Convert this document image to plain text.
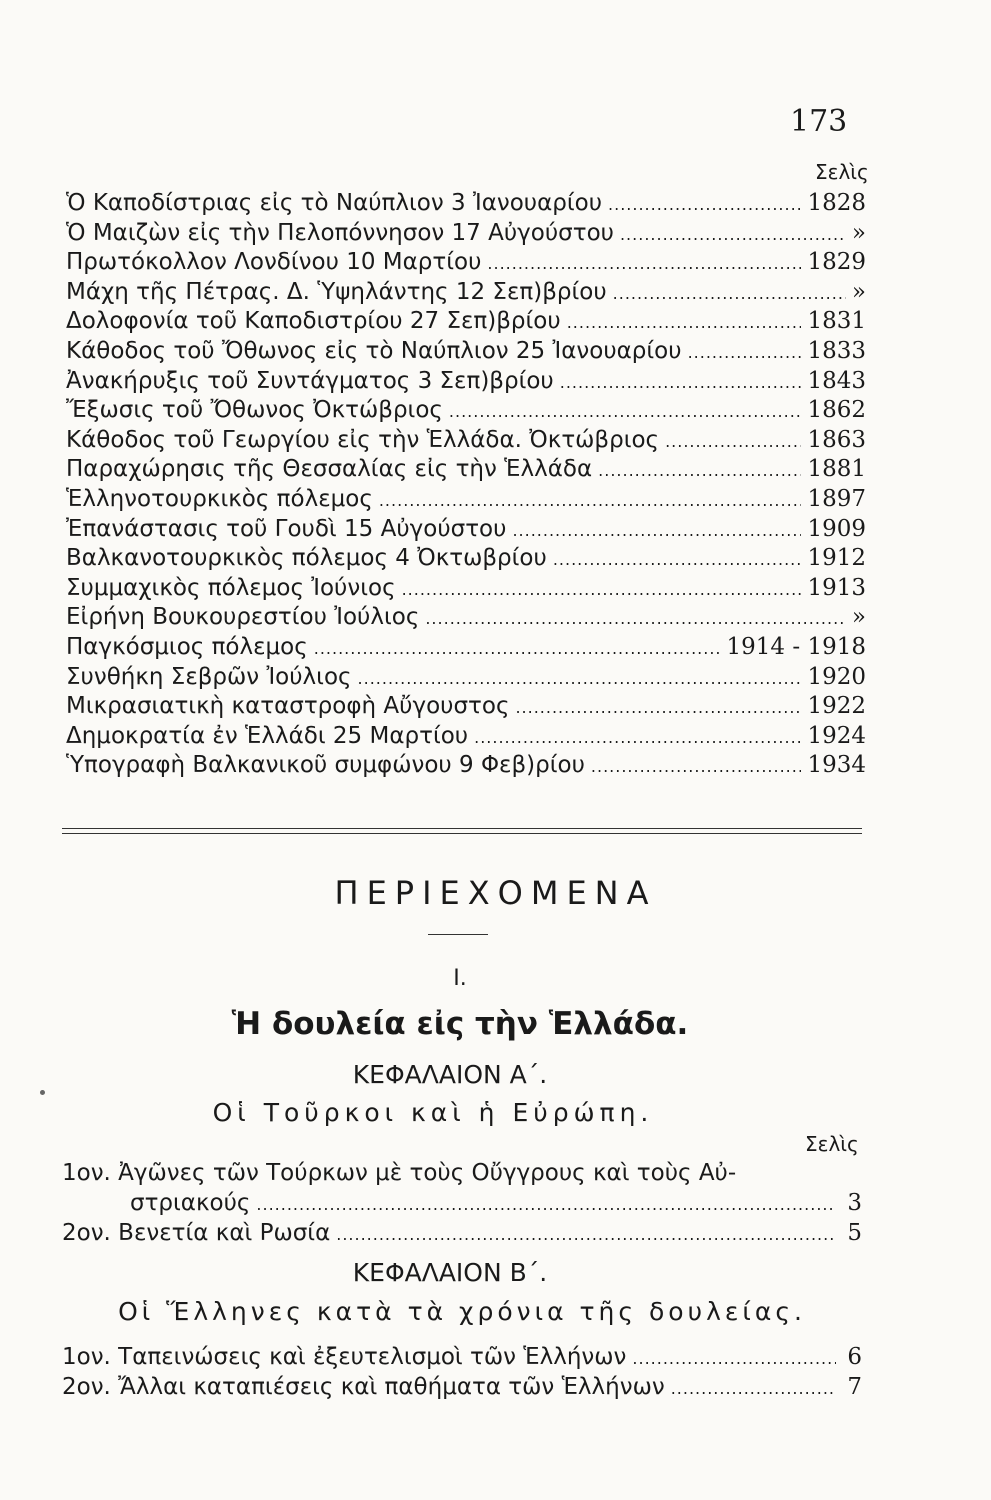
173
Σελὶς
Ὁ Καποδίστριας εἰς τὸ Ναύπλιον 3 Ἰανουαρίου .....	1828
Ὁ Μαιζὼν εἰς τὴν Πελοπόννησον 17 Αὐγούστου .....	»
Πρωτόκολλον Λονδίνου 10 Μαρτίου .....	1829
Μάχη τῆς Πέτρας. Δ. Ὑψηλάντης 12 Σεπ)βρίου .....	»
Δολοφονία τοῦ Καποδιστρίου 27 Σεπ)βρίου .....	1831
Κάθοδος τοῦ Ὄθωνος εἰς τὸ Ναύπλιον 25 Ἰανουαρίου .....	1833
Ἀνακήρυξις τοῦ Συντάγματος 3 Σεπ)βρίου .....	1843
Ἔξωσις τοῦ Ὄθωνος Ὀκτώβριος .....	1862
Κάθοδος τοῦ Γεωργίου εἰς τὴν Ἑλλάδα. Ὀκτώβριος .....	1863
Παραχώρησις τῆς Θεσσαλίας εἰς τὴν Ἑλλάδα .....	1881
Ἑλληνοτουρκικὸς πόλεμος .....	1897
Ἐπανάστασις τοῦ Γουδὶ 15 Αὐγούστου .....	1909
Βαλκανοτουρκικὸς πόλεμος 4 Ὀκτωβρίου .....	1912
Συμμαχικὸς πόλεμος Ἰούνιος .....	1913
Εἰρήνη Βουκουρεστίου Ἰούλιος .....	»
Παγκόσμιος πόλεμος .....	1914 - 1918
Συνθήκη Σεβρῶν Ἰούλιος .....	1920
Μικρασιατικὴ καταστροφὴ Αὔγουστος .....	1922
Δημοκρατία ἐν Ἑλλάδι 25 Μαρτίου .....	1924
Ὑπογραφὴ Βαλκανικοῦ συμφώνου 9 Φεβ)ρίου .....	1934
ΠΕΡΙΕΧΟΜΕΝΑ
I.
Ἡ δουλεία εἰς τὴν Ἑλλάδα.
ΚΕΦΑΛΑΙΟΝ Α΄.
Οἱ Τοῦρκοι καὶ ἡ Εὐρώπη.
Σελὶς
1ον. Ἀγῶνες τῶν Τούρκων μὲ τοὺς Οὔγγρους καὶ τοὺς Αὐ-
στριακούς .....	3
2ον. Βενετία καὶ Ρωσία .....	5
ΚΕΦΑΛΑΙΟΝ Β΄.
Οἱ Ἕλληνες κατὰ τὰ χρόνια τῆς δουλείας.
1ον. Ταπεινώσεις καὶ ἐξευτελισμοὶ τῶν Ἑλλήνων .....	6
2ον. Ἄλλαι καταπιέσεις καὶ παθήματα τῶν Ἑλλήνων .....	7
